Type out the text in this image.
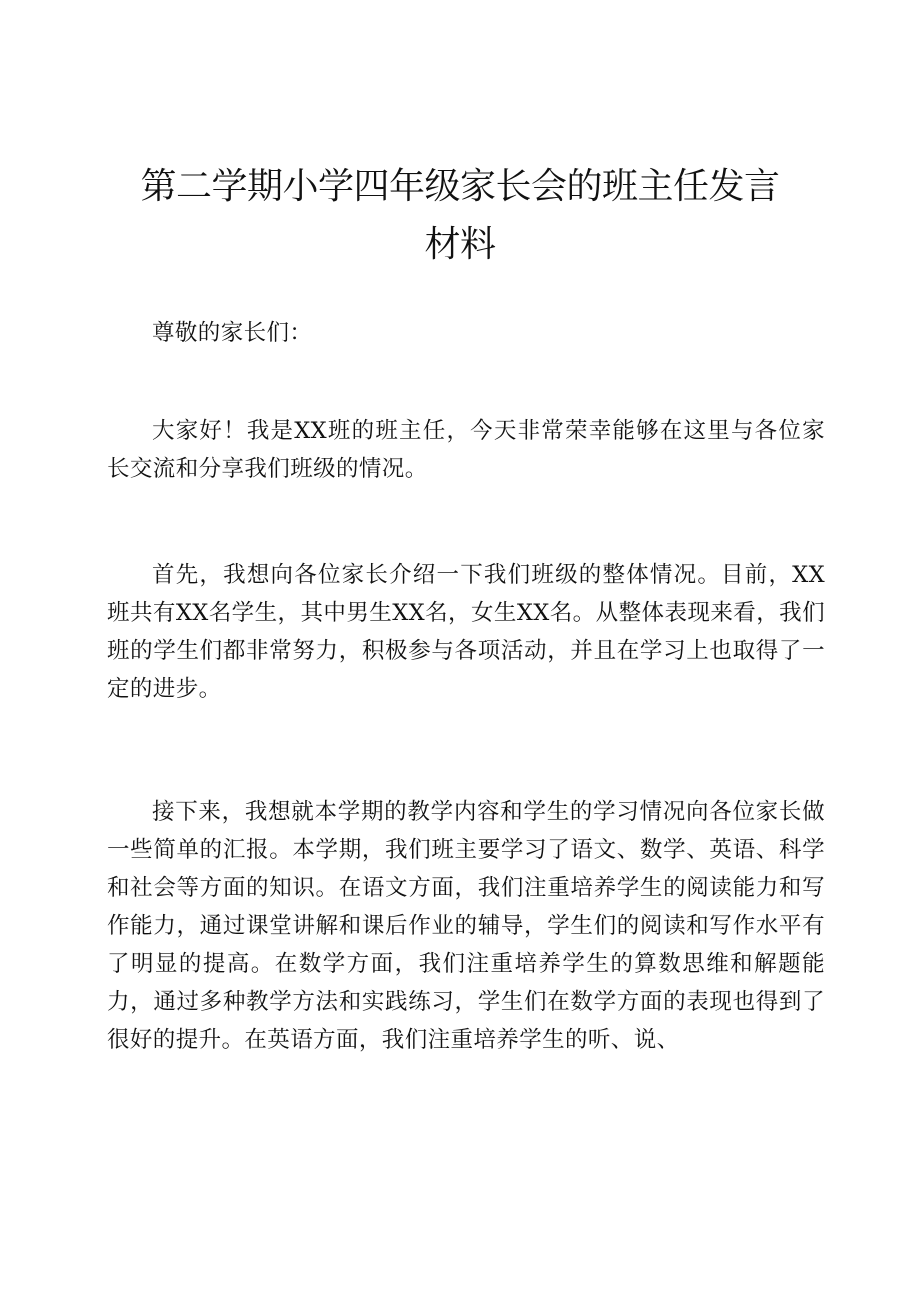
第二学期小学四年级家长会的班主任发言材料

尊敬的家长们：

大家好！我是XX班的班主任，今天非常荣幸能够在这里与各位家长交流和分享我们班级的情况。

首先，我想向各位家长介绍一下我们班级的整体情况。目前，XX班共有XX名学生，其中男生XX名，女生XX名。从整体表现来看，我们班的学生们都非常努力，积极参与各项活动，并且在学习上也取得了一定的进步。

接下来，我想就本学期的教学内容和学生的学习情况向各位家长做一些简单的汇报。本学期，我们班主要学习了语文、数学、英语、科学和社会等方面的知识。在语文方面，我们注重培养学生的阅读能力和写作能力，通过课堂讲解和课后作业的辅导，学生们的阅读和写作水平有了明显的提高。在数学方面，我们注重培养学生的算数思维和解题能力，通过多种教学方法和实践练习，学生们在数学方面的表现也得到了很好的提升。在英语方面，我们注重培养学生的听、说、
